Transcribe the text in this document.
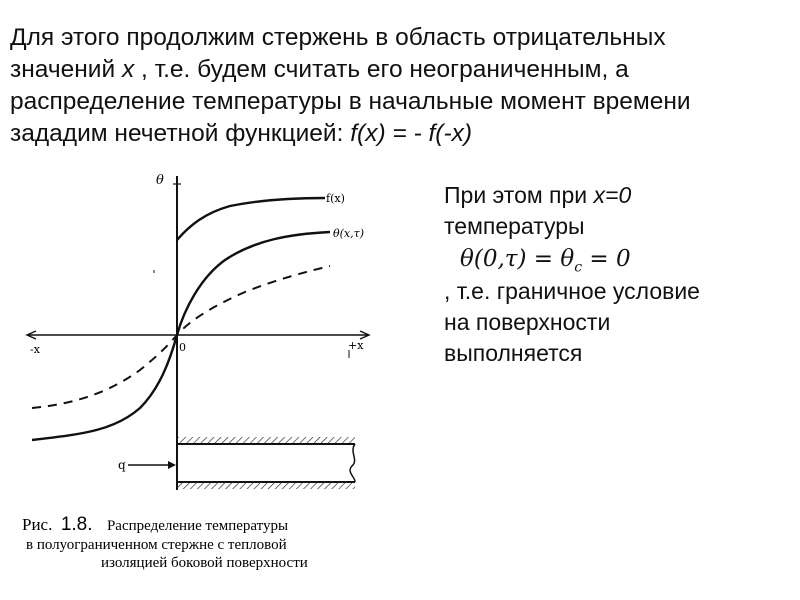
Для этого продолжим стержень в область отрицательных
значений x , т.е. будем считать его неограниченным, а
распределение температуры в начальные момент времени
зададим нечетной функцией: f(x) = - f(-x)
При этом при x=0
температуры
$\theta(0,\tau) = \theta_c = 0$
, т.е. граничное условие
на поверхности
выполняется
f(x)
θ(x,τ)
θ
0
-x	+x
q
Рис. 1.8. Распределение температуры
в полуограниченном стержне с тепловой
изоляцией боковой поверхности
